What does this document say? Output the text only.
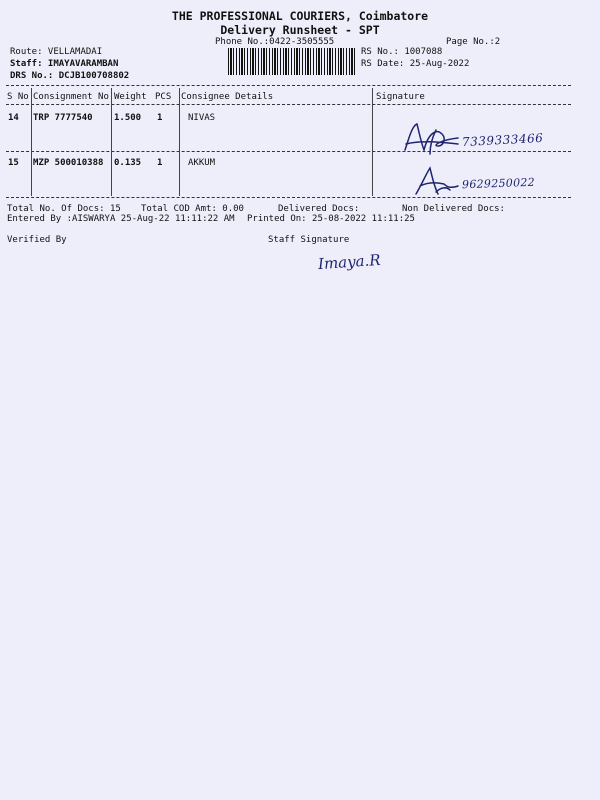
THE PROFESSIONAL COURIERS, Coimbatore
Delivery Runsheet - SPT
Phone No.:0422-3505555	Page No.:2
Route: VELLAMADAI
Staff: IMAYAVARAMBAN
DRS No.: DCJB100708802
RS No.: 1007088
RS Date: 25-Aug-2022
S No Consignment No Weight PCS Consignee Details	Signature
14 TRP 7777540 1.500 1	NIVAS
7339333466
15 MZP 500010388 0.135 1	AKKUM
9629250022
Total No. Of Docs: 15 Total COD Amt: 0.00	Delivered Docs:	Non Delivered Docs:
Entered By :AISWARYA 25-Aug-22 11:11:22 AM Printed On: 25-08-2022 11:11:25
Verified By	Staff Signature
Imaya.R
